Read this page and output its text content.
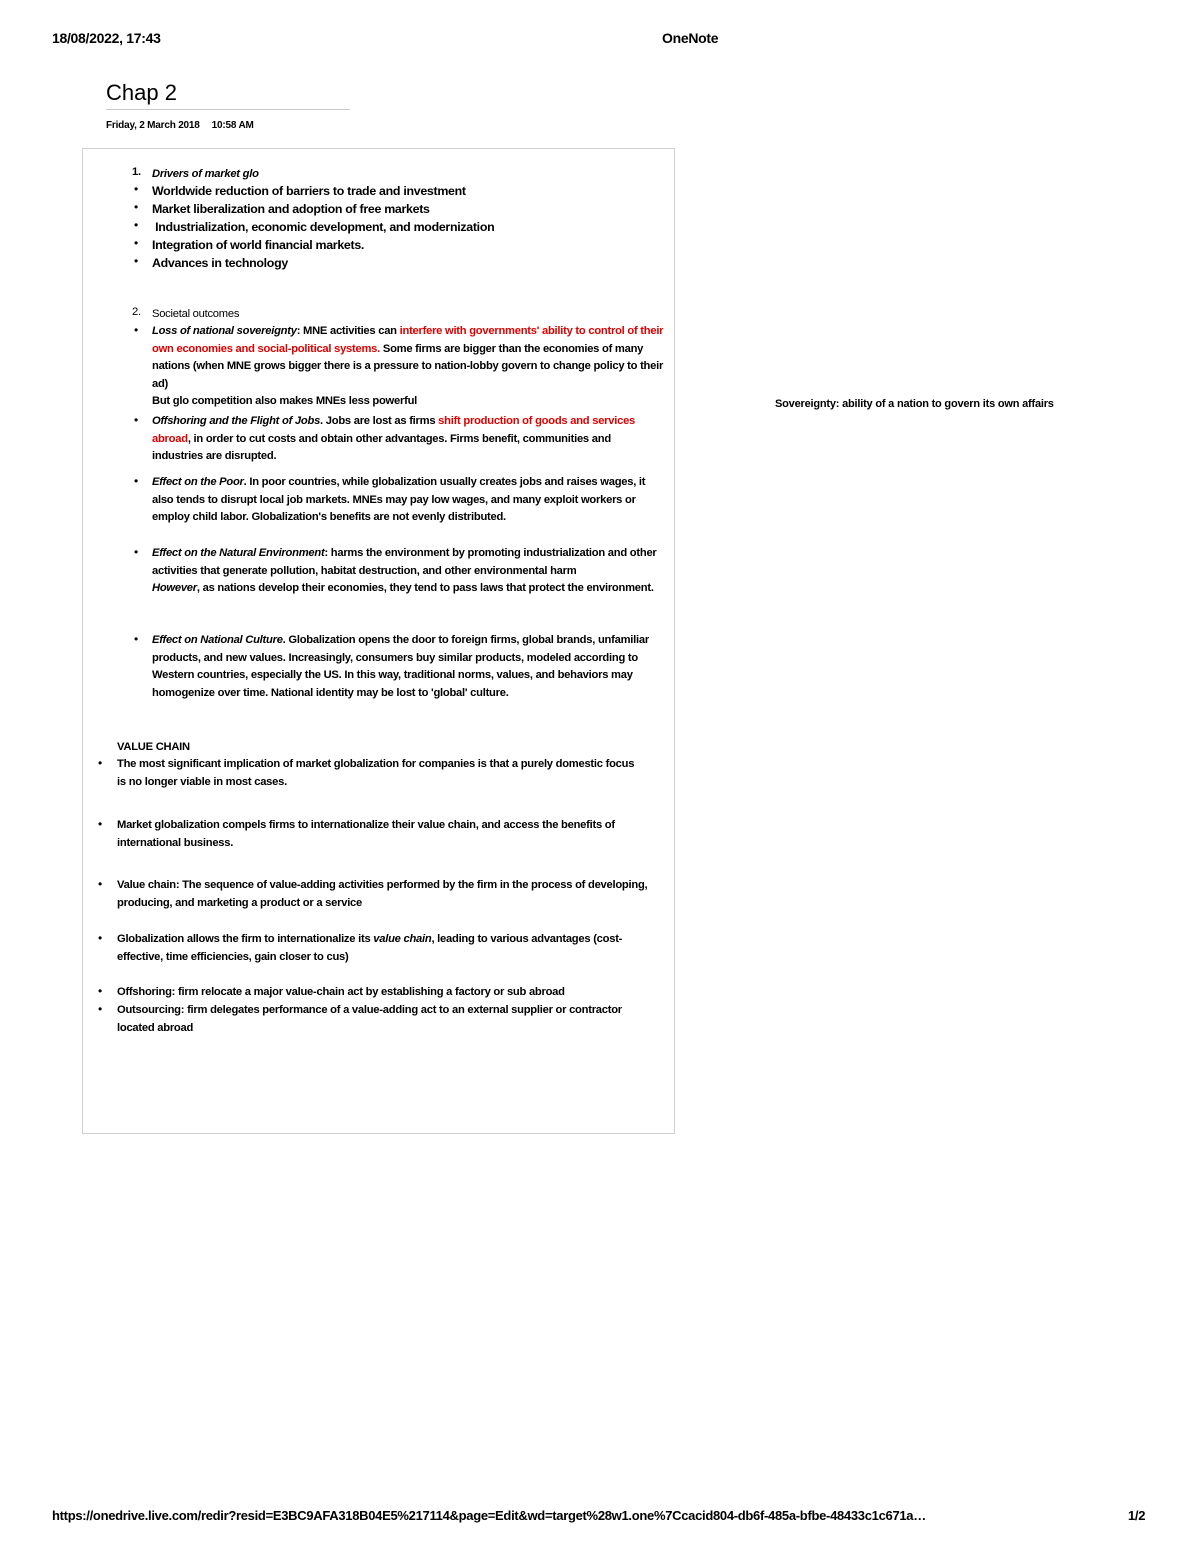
18/08/2022, 17:43	OneNote
Chap 2
Friday, 2 March 2018 10:58 AM
1. Drivers of market glo
• Worldwide reduction of barriers to trade and investment
• Market liberalization and adoption of free markets
• Industrialization, economic development, and modernization
• Integration of world financial markets.
• Advances in technology
2. Societal outcomes
• Loss of national sovereignty: MNE activities can interfere with governments' ability to control of their own economies and social-political systems. Some firms are bigger than the economies of many nations (when MNE grows bigger there is a pressure to nation-lobby govern to change policy to their ad)
But glo competition also makes MNEs less powerful
• Offshoring and the Flight of Jobs. Jobs are lost as firms shift production of goods and services abroad, in order to cut costs and obtain other advantages. Firms benefit, communities and industries are disrupted.
• Effect on the Poor. In poor countries, while globalization usually creates jobs and raises wages, it also tends to disrupt local job markets. MNEs may pay low wages, and many exploit workers or employ child labor. Globalization's benefits are not evenly distributed.
• Effect on the Natural Environment: harms the environment by promoting industrialization and other activities that generate pollution, habitat destruction, and other environmental harm
However, as nations develop their economies, they tend to pass laws that protect the environment.
• Effect on National Culture. Globalization opens the door to foreign firms, global brands, unfamiliar products, and new values. Increasingly, consumers buy similar products, modeled according to Western countries, especially the US. In this way, traditional norms, values, and behaviors may homogenize over time. National identity may be lost to 'global' culture.
VALUE CHAIN
• The most significant implication of market globalization for companies is that a purely domestic focus is no longer viable in most cases.
• Market globalization compels firms to internationalize their value chain, and access the benefits of international business.
• Value chain: The sequence of value-adding activities performed by the firm in the process of developing, producing, and marketing a product or a service
• Globalization allows the firm to internationalize its value chain, leading to various advantages (cost-effective, time efficiencies, gain closer to cus)
• Offshoring: firm relocate a major value-chain act by establishing a factory or sub abroad
• Outsourcing: firm delegates performance of a value-adding act to an external supplier or contractor located abroad
Sovereignty: ability of a nation to govern its own affairs
https://onedrive.live.com/redir?resid=E3BC9AFA318B04E5%217114&page=Edit&wd=target%28w1.one%7Ccacid804-db6f-485a-bfbe-48433c1c671a…	1/2
